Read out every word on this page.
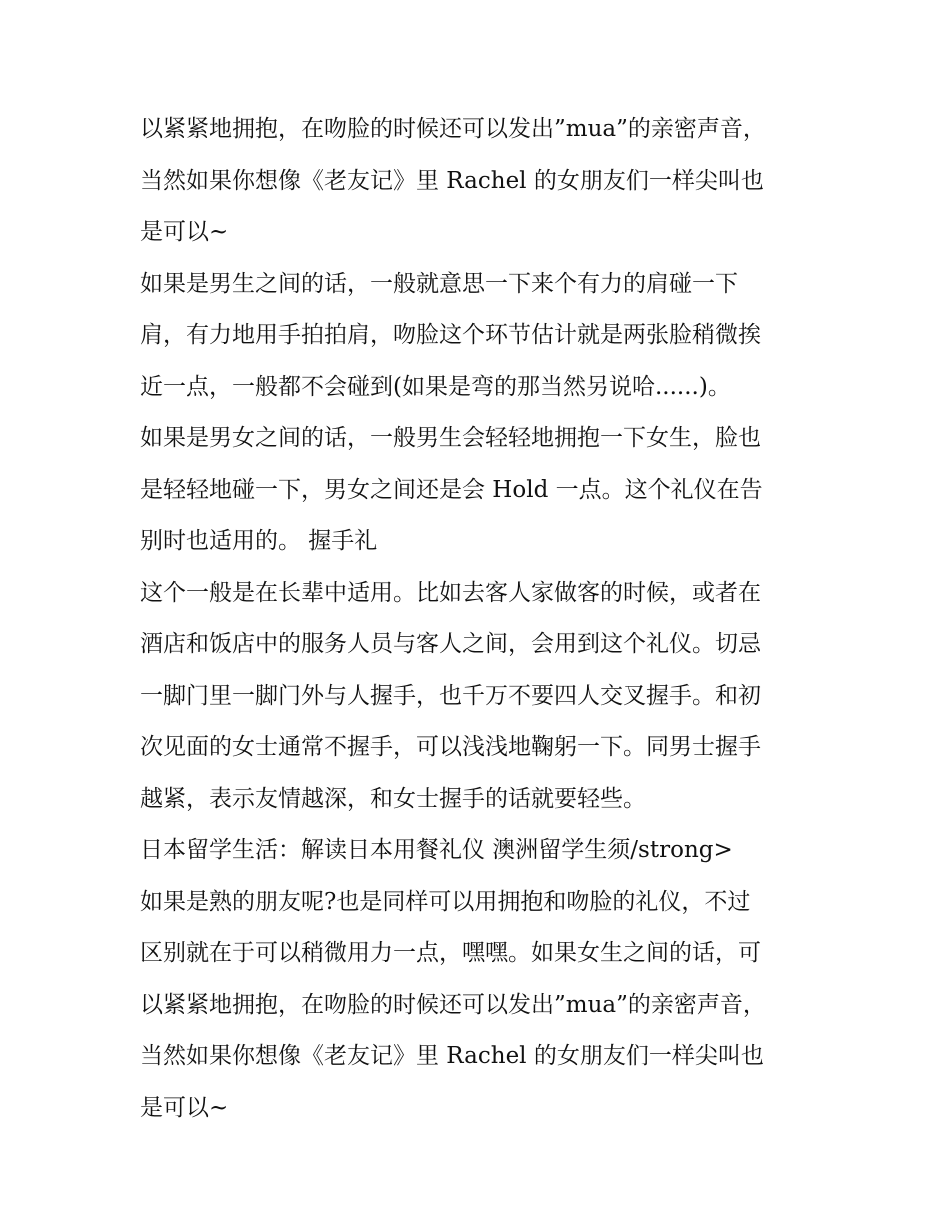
以紧紧地拥抱，在吻脸的时候还可以发出”mua”的亲密声音，
当然如果你想像《老友记》里 Rachel 的女朋友们一样尖叫也
是可以~
如果是男生之间的话，一般就意思一下来个有力的肩碰一下
肩，有力地用手拍拍肩，吻脸这个环节估计就是两张脸稍微挨
近一点，一般都不会碰到(如果是弯的那当然另说哈......)。
如果是男女之间的话，一般男生会轻轻地拥抱一下女生，脸也
是轻轻地碰一下，男女之间还是会 Hold 一点。这个礼仪在告
别时也适用的。 握手礼
这个一般是在长辈中适用。比如去客人家做客的时候，或者在
酒店和饭店中的服务人员与客人之间，会用到这个礼仪。切忌
一脚门里一脚门外与人握手，也千万不要四人交叉握手。和初
次见面的女士通常不握手，可以浅浅地鞠躬一下。同男士握手
越紧，表示友情越深，和女士握手的话就要轻些。
日本留学生活：解读日本用餐礼仪 澳洲留学生须/strong>
如果是熟的朋友呢?也是同样可以用拥抱和吻脸的礼仪，不过
区别就在于可以稍微用力一点，嘿嘿。如果女生之间的话，可
以紧紧地拥抱，在吻脸的时候还可以发出”mua”的亲密声音，
当然如果你想像《老友记》里 Rachel 的女朋友们一样尖叫也
是可以~
